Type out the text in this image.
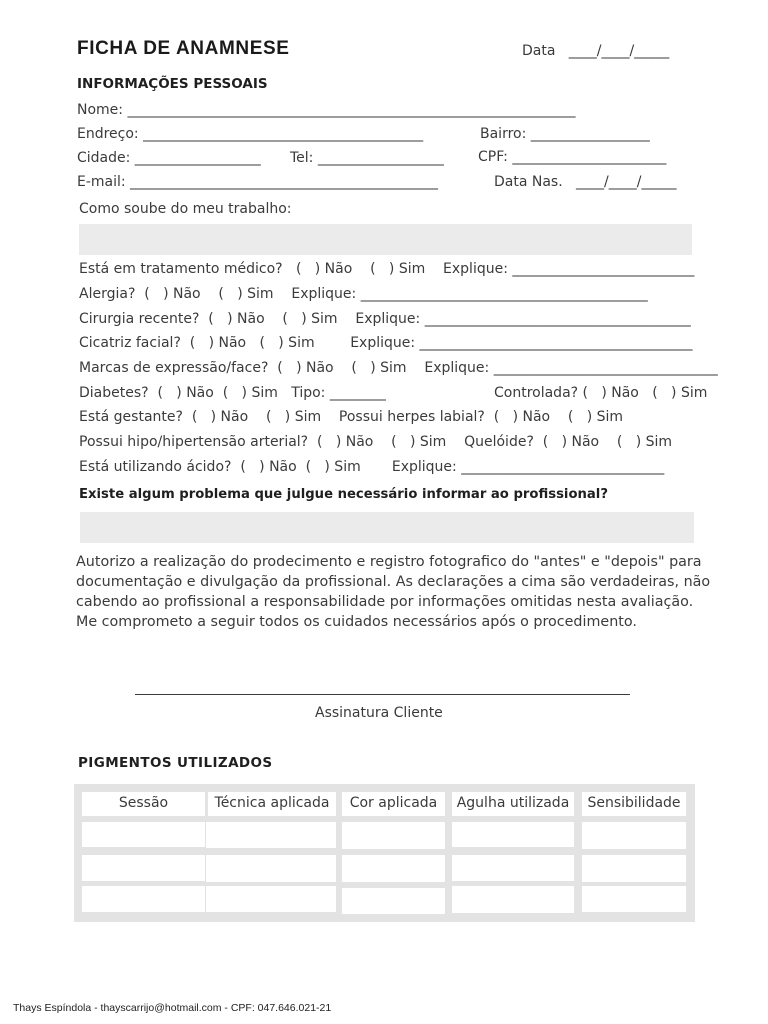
FICHA DE ANAMNESE	Data   ____/____/_____
INFORMAÇÕES PESSOAIS
Nome: ________________________________________________________________
Endreço: ________________________________________	Bairro: _________________
Cidade: __________________ Tel: __________________ CPF: ______________________
E-mail: ____________________________________________	Data Nas.   ____/____/_____
Como soube do meu trabalho:
Está em tratamento médico?   (   ) Não    (   ) Sim    Explique: __________________________
Alergia?  (   ) Não    (   ) Sim    Explique: _________________________________________
Cirurgia recente?  (   ) Não    (   ) Sim    Explique: ______________________________________
Cicatriz facial?  (   ) Não   (   ) Sim        Explique: _______________________________________
Marcas de expressão/face?  (   ) Não    (   ) Sim    Explique: ________________________________
Diabetes?  (   ) Não  (   ) Sim   Tipo: ________	Controlada? (   ) Não   (   ) Sim
Está gestante?  (   ) Não    (   ) Sim    Possui herpes labial?  (   ) Não    (   ) Sim
Possui hipo/hipertensão arterial?  (   ) Não    (   ) Sim    Quelóide?  (   ) Não    (   ) Sim
Está utilizando ácido?  (   ) Não  (   ) Sim       Explique: _____________________________
Existe algum problema que julgue necessário informar ao profissional?
Autorizo a realização do prodecimento e registro fotografico do "antes" e "depois" para
documentação e divulgação da profissional. As declarações a cima são verdadeiras, não
cabendo ao profissional a responsabilidade por informações omitidas nesta avaliação.
Me comprometo a seguir todos os cuidados necessários após o procedimento.
Assinatura Cliente
PIGMENTOS UTILIZADOS
Sessão	Técnica aplicada	Cor aplicada	Agulha utilizada	Sensibilidade
Thays Espíndola - thayscarrijo@hotmail.com - CPF: 047.646.021-21
